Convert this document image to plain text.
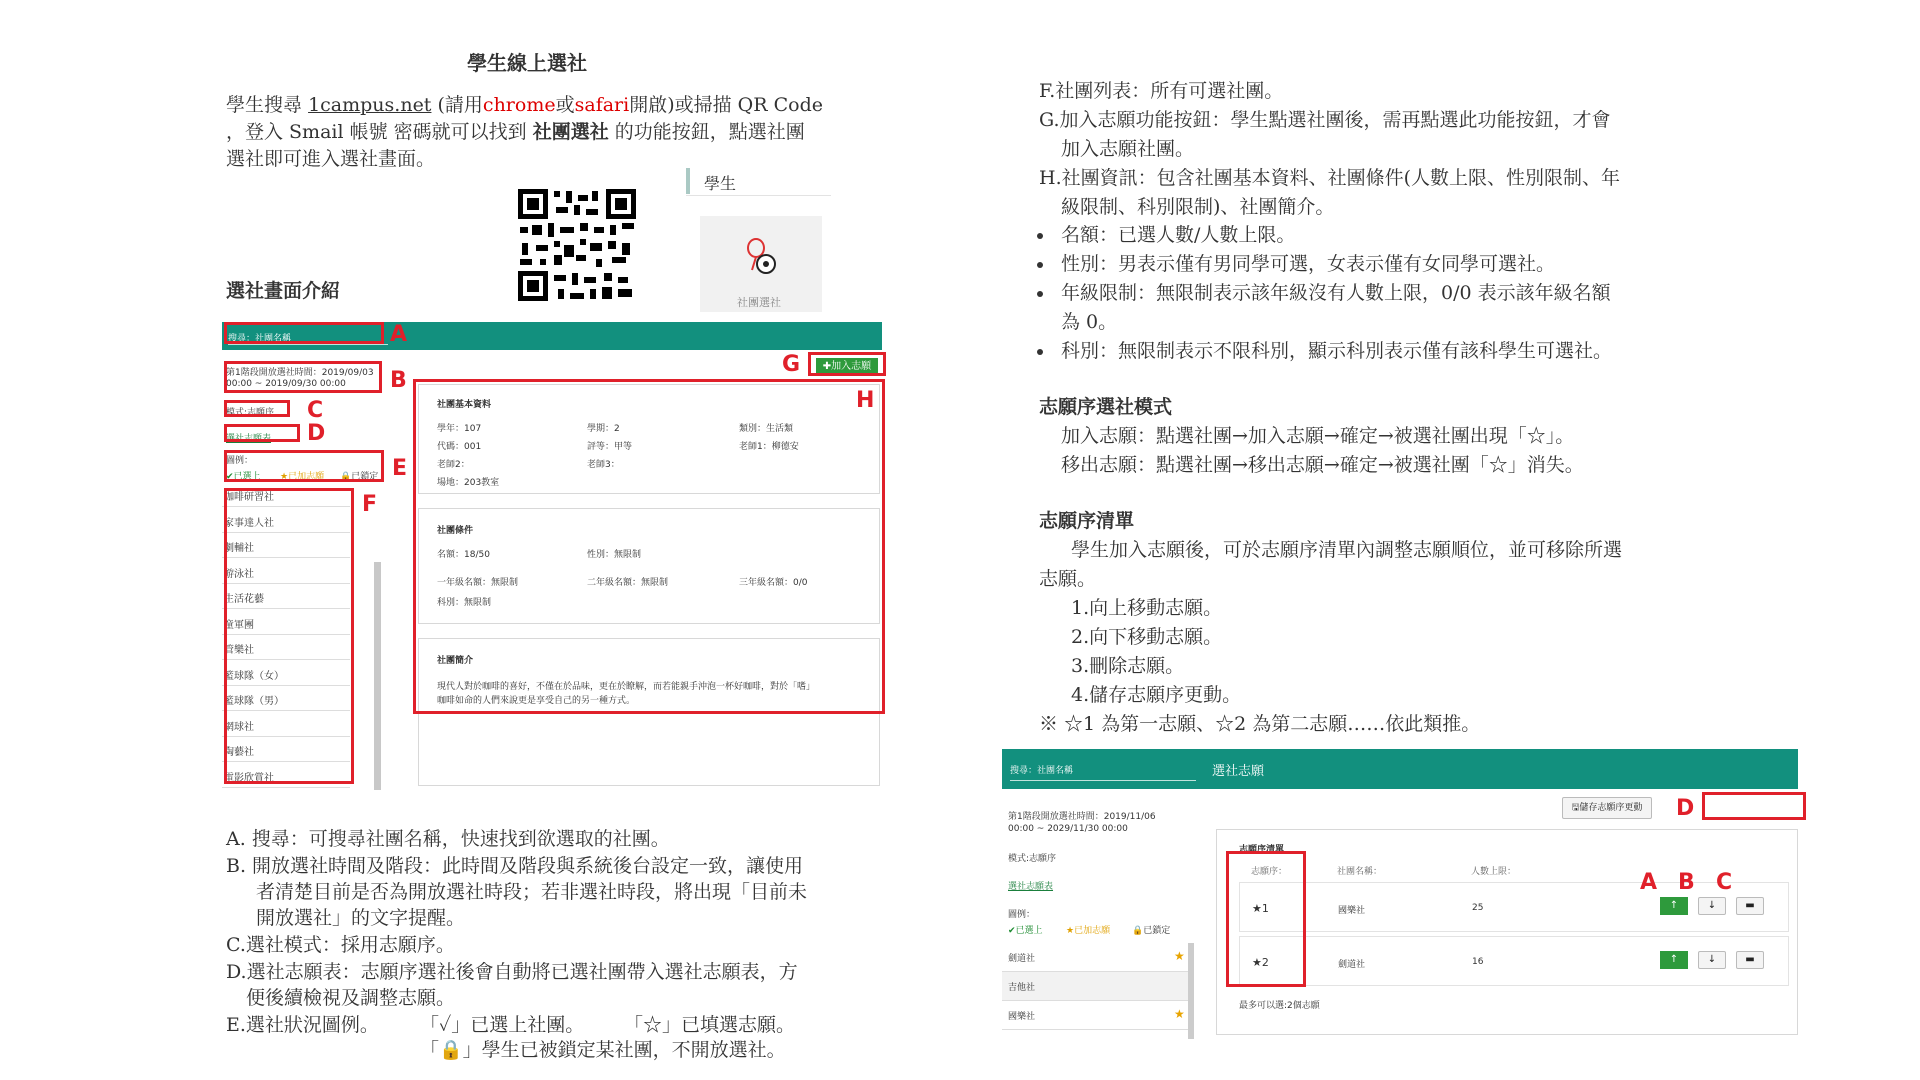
學生線上選社
學生搜尋 1campus.net (請用chrome或safari開啟)或掃描 QR Code
，登入 Smail 帳號 密碼就可以找到 社團選社 的功能按鈕，點選社團
選社即可進入選社畫面。
學生
社團選社
選社畫面介紹
搜尋：社團名稱
第1階段開放選社時間：2019/09/03
00:00 ~ 2019/09/30 00:00
模式:志願序
選社志願表
圖例：
✔已選上 ★已加志願 🔒已鎖定
咖啡研習社
家事達人社
劇輔社
游泳社
生活花藝
童軍團
管樂社
籃球隊（女）
籃球隊（男）
網球社
陶藝社
電影欣賞社
✚加入志願
社團基本資料
學年：107	學期：2	類別：生活類
代碼：001	評等：甲等	老師1：柳德安
老師2：	老師3：
場地：203教室
社團條件
名額：18/50	性別：無限制
一年級名額：無限制	二年級名額：無限制	三年級名額：0/0
科別：無限制
社團簡介
現代人對於咖啡的喜好，不僅在於品味，更在於瞭解，而若能親手沖泡一杯好咖啡，對於「嗜」
咖啡如命的人們來說更是享受自己的另一種方式。
A
B
C
D
E
F
G
H
A. 搜尋：可搜尋社團名稱，快速找到欲選取的社團。
B. 開放選社時間及階段：此時間及階段與系統後台設定一致，讓使用
者清楚目前是否為開放選社時段；若非選社時段，將出現「目前未
開放選社」的文字提醒。
C.選社模式：採用志願序。
D.選社志願表：志願序選社後會自動將已選社團帶入選社志願表，方
便後續檢視及調整志願。
E.選社狀況圖例。 「✓」已選上社團。 「☆」已填選志願。
「🔒」學生已被鎖定某社團，不開放選社。
F.社團列表：所有可選社團。
G.加入志願功能按鈕：學生點選社團後，需再點選此功能按鈕，才會
加入志願社團。
H.社團資訊：包含社團基本資料、社團條件(人數上限、性別限制、年
級限制、科別限制)、社團簡介。
名額：已選人數/人數上限。
性別：男表示僅有男同學可選，女表示僅有女同學可選社。
年級限制：無限制表示該年級沒有人數上限，0/0 表示該年級名額
為 0。
科別：無限制表示不限科別，顯示科別表示僅有該科學生可選社。
志願序選社模式
加入志願：點選社團→加入志願→確定→被選社團出現「☆」。
移出志願：點選社團→移出志願→確定→被選社團「☆」消失。
志願序清單
學生加入志願後，可於志願序清單內調整志願順位，並可移除所選
志願。
1.向上移動志願。
2.向下移動志願。
3.刪除志願。
4.儲存志願序更動。
※ ☆1 為第一志願、☆2 為第二志願……依此類推。
搜尋：社團名稱	選社志願
第1階段開放選社時間：2019/11/06
00:00 ~ 2029/11/30 00:00
模式:志願序
選社志願表
圖例：
✔已選上	★已加志願 🔒已鎖定
劍道社	★
吉他社
國樂社	★
🖫儲存志願序更動
志願序清單
志願序：	社團名稱：	人數上限：
★1	國樂社	25	↑	↓	▬
★2	劍道社	16	↑	↓	▬
最多可以選:2個志願
A B C
D
